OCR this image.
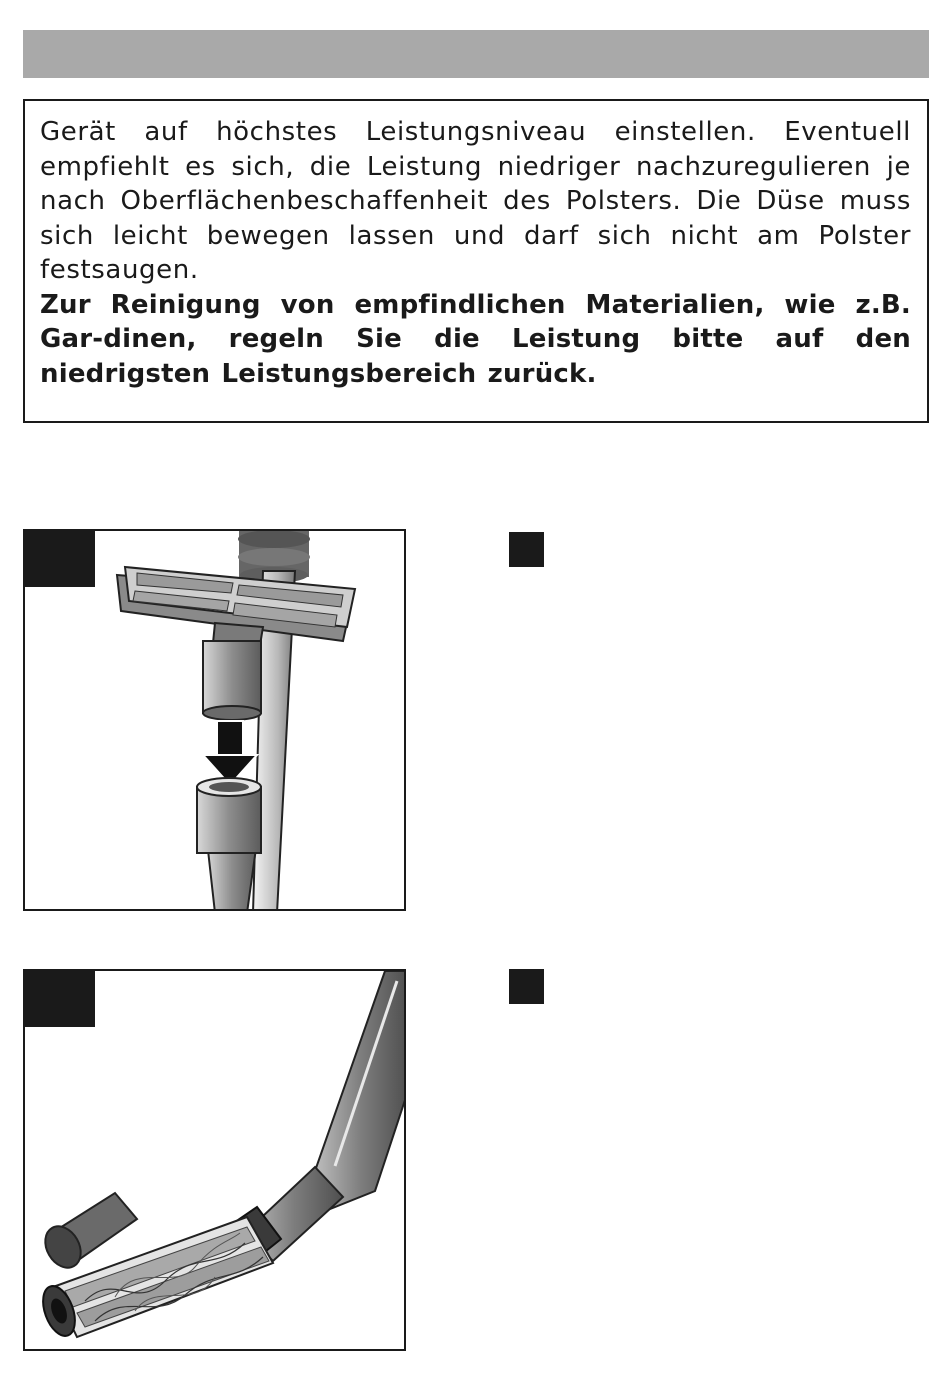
Gerät auf höchstes Leistungsniveau einstellen. Eventuell empfiehlt es sich, die Leistung niedriger nachzuregulieren je nach Oberflächenbeschaffenheit des Polsters. Die Düse muss sich leicht bewegen lassen und darf sich nicht am Polster festsaugen.

Zur Reinigung von empfindlichen Materialien, wie z.B. Gar-dinen, regeln Sie die Leistung bitte auf den niedrigsten Leistungsbereich zurück.
